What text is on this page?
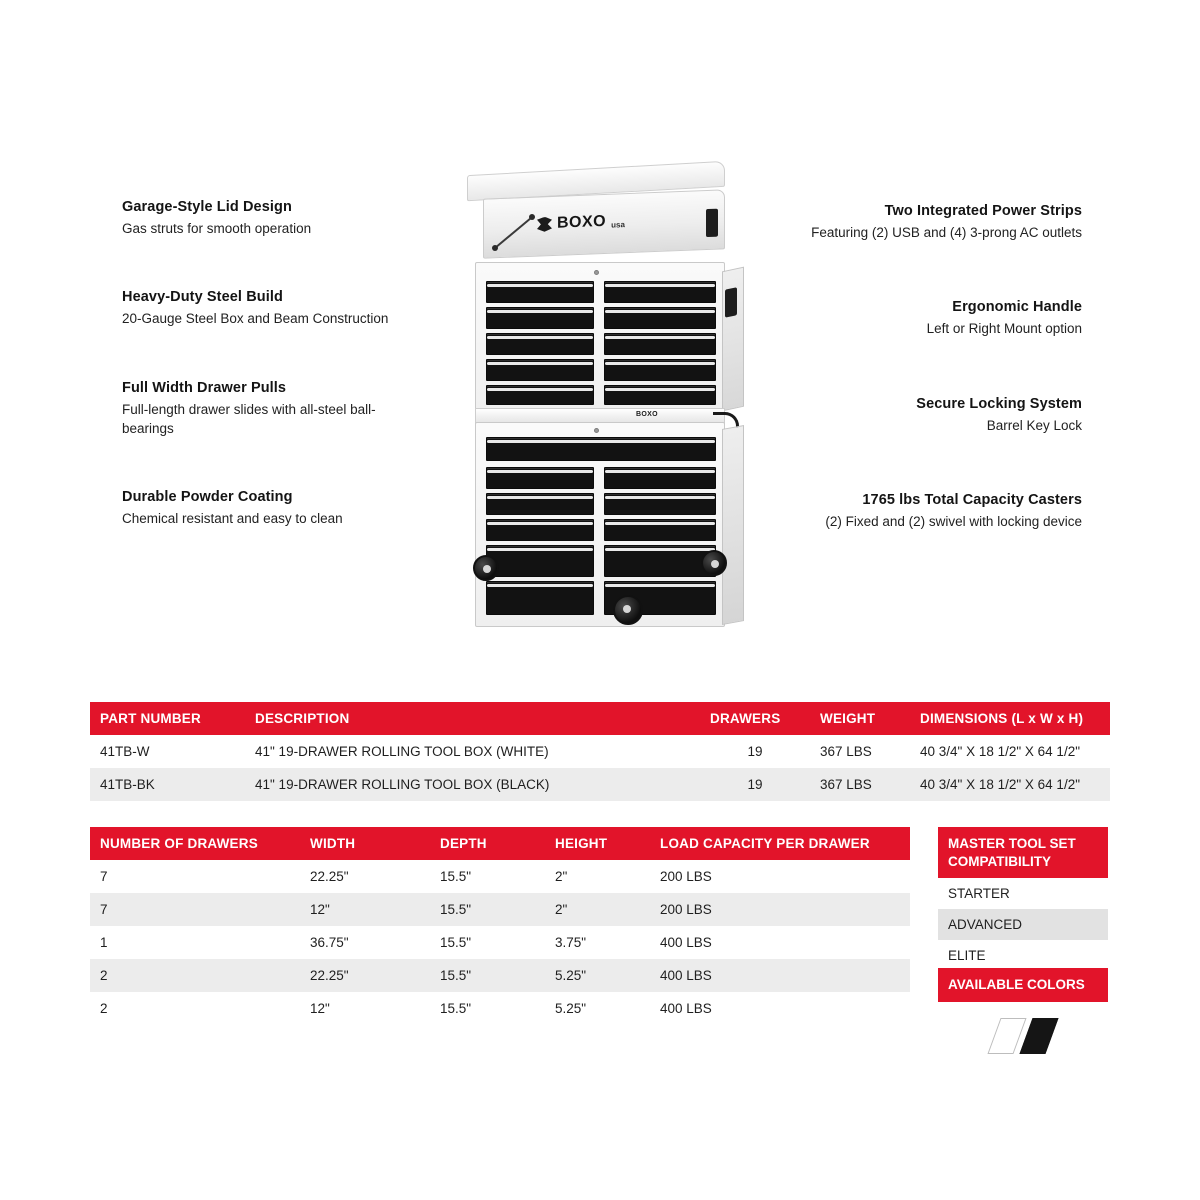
Garage-Style Lid Design
Gas struts for smooth operation
Heavy-Duty Steel Build
20-Gauge Steel Box and Beam Construction
Full Width Drawer Pulls
Full-length drawer slides with all-steel ball-bearings
Durable Powder Coating
Chemical resistant and easy to clean
Two Integrated Power Strips
Featuring (2) USB and (4) 3-prong AC outlets
Ergonomic Handle
Left or Right Mount option
Secure Locking System
Barrel Key Lock
1765 lbs Total Capacity Casters
(2) Fixed and (2) swivel with locking device
BOXO usa
BOXO
PART NUMBER	DESCRIPTION	DRAWERS	WEIGHT	DIMENSIONS (L x W x H)
41TB-W	41" 19-DRAWER ROLLING TOOL BOX (WHITE)	19	367 LBS	40 3/4" X 18 1/2" X 64 1/2"
41TB-BK	41" 19-DRAWER ROLLING TOOL BOX (BLACK)	19	367 LBS	40 3/4" X 18 1/2" X 64 1/2"
NUMBER OF DRAWERS	WIDTH	DEPTH	HEIGHT	LOAD CAPACITY PER DRAWER
7	22.25"	15.5"	2"	200 LBS
7	12"	15.5"	2"	200 LBS
1	36.75"	15.5"	3.75"	400 LBS
2	22.25"	15.5"	5.25"	400 LBS
2	12"	15.5"	5.25"	400 LBS
MASTER TOOL SET COMPATIBILITY
STARTER
ADVANCED
ELITE
AVAILABLE COLORS
